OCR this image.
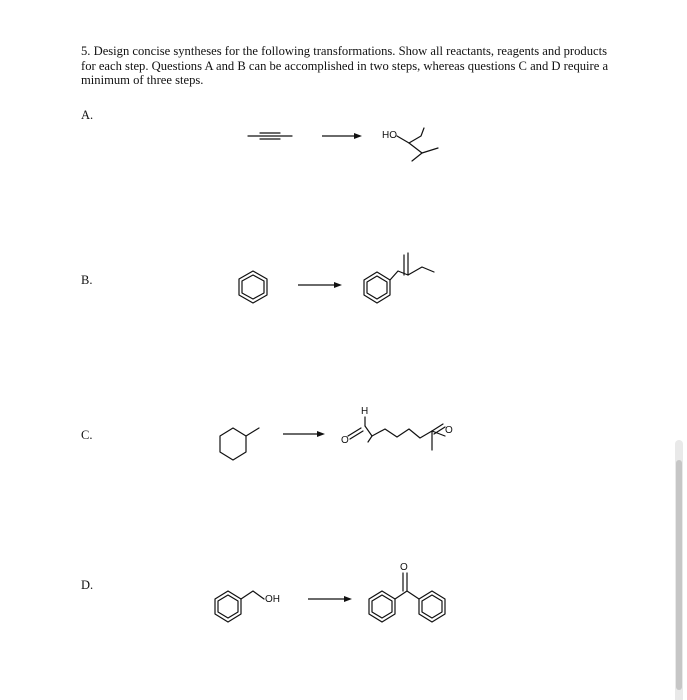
5. Design concise syntheses for the following transformations. Show all reactants, reagents and products for each step. Questions A and B can be accomplished in two steps, whereas questions C and D require a minimum of three steps.

A.
HO
B.
C.
H
O
O
D.
OH
O
